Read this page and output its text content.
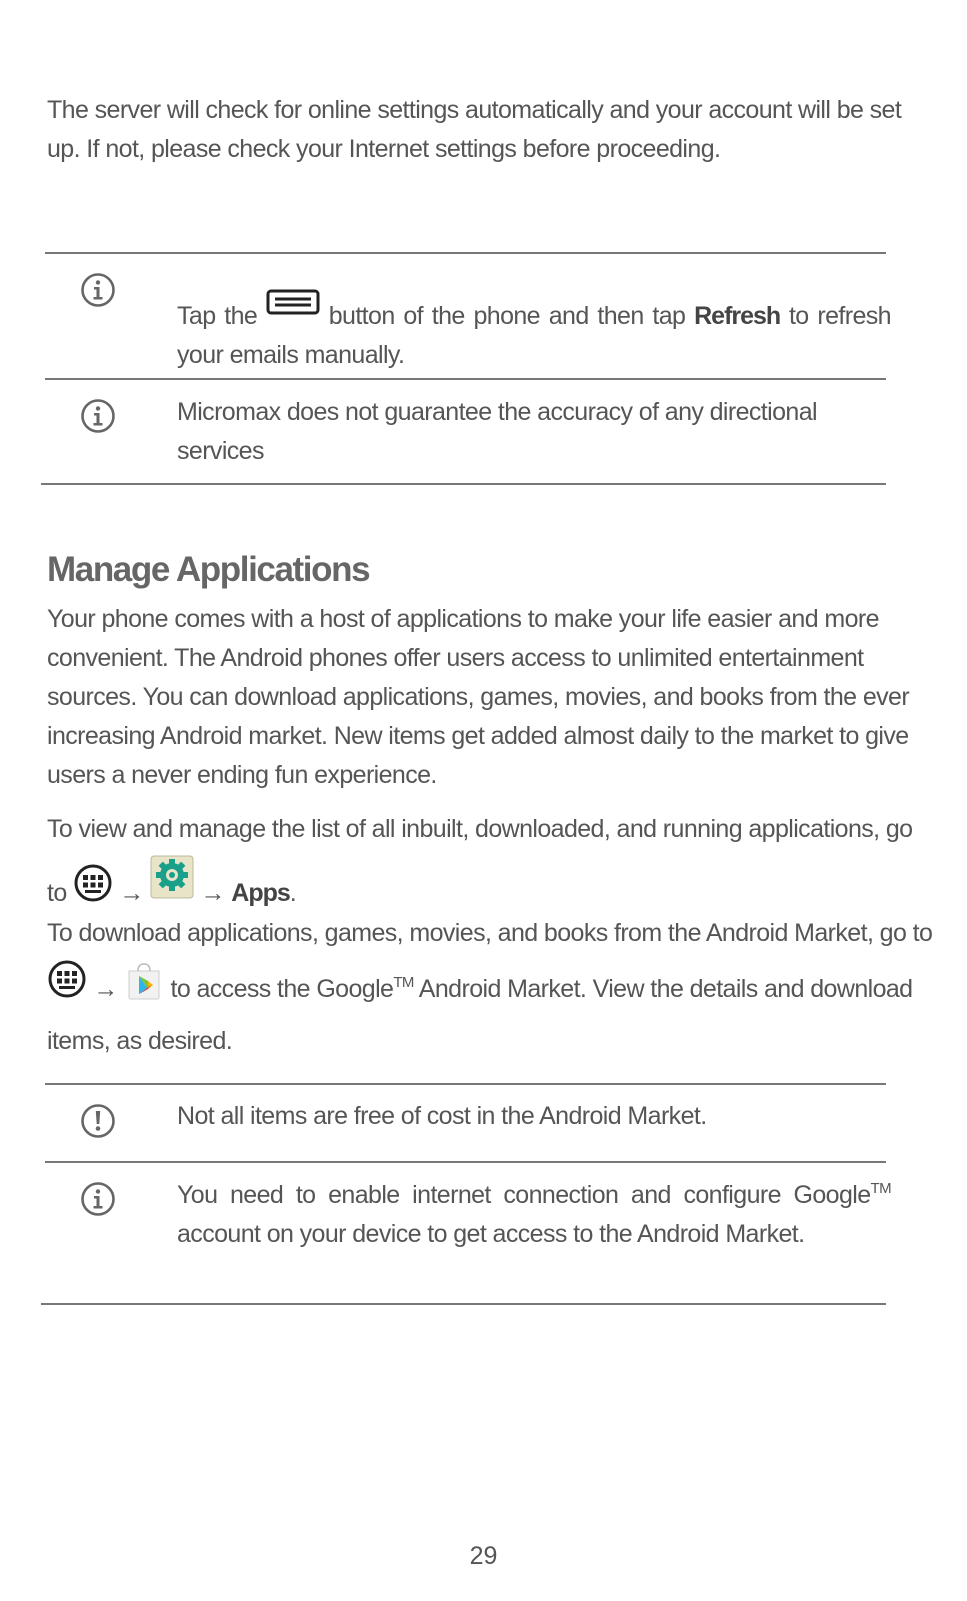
The server will check for online settings automatically and your account will be set up. If not, please check your Internet settings before proceeding.
Tap the	button of the phone and then tap Refresh to refresh your emails manually.
Micromax does not guarantee the accuracy of any directional services
Manage Applications
Your phone comes with a host of applications to make your life easier and more convenient. The Android phones offer users access to unlimited entertainment sources. You can download applications, games, movies, and books from the ever increasing Android market. New items get added almost daily to the market to give users a never ending fun experience.
To view and manage the list of all inbuilt, downloaded, and running applications, go to → → Apps.
To download applications, games, movies, and books from the Android Market, go to  → to access the Google™ Android Market. View the details and download items, as desired.
Not all items are free of cost in the Android Market.
You need to enable internet connection and configure Google™ account on your device to get access to the Android Market.
29
